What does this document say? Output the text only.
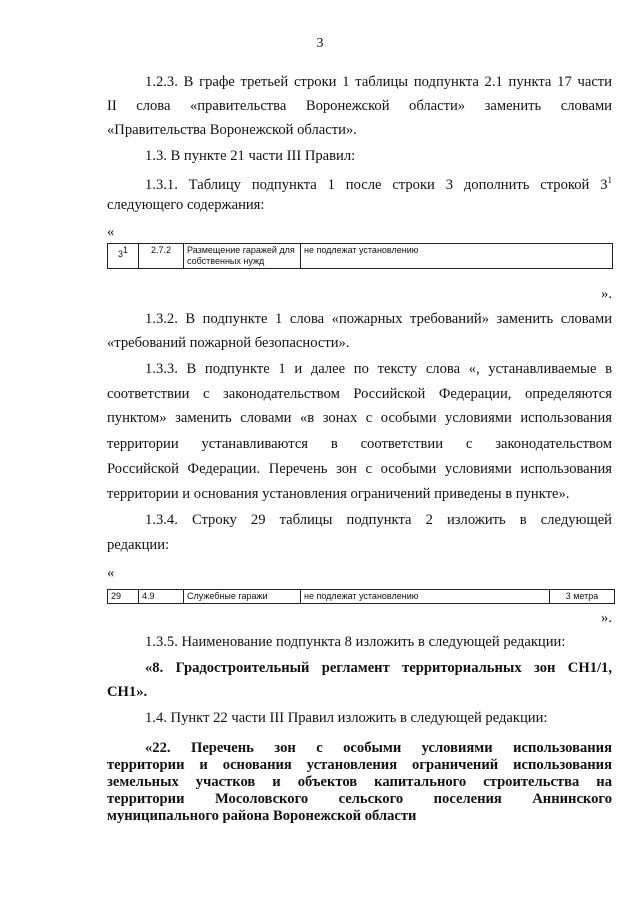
3
1.2.3. В графе третьей строки 1 таблицы подпункта 2.1 пункта 17 части
II слова «правительства Воронежской области» заменить словами
«Правительства Воронежской области».
1.3. В пункте 21 части III Правил:
1.3.1. Таблицу подпункта 1 после строки 3 дополнить строкой $3^1$
следующего содержания:
«
$3^1$	2.7.2	Размещение гаражей для собственных нужд	не подлежат установлению
».
1.3.2. В подпункте 1 слова «пожарных требований» заменить словами
«требований пожарной безопасности».
1.3.3. В подпункте 1 и далее по тексту слова «, устанавливаемые в
соответствии с законодательством Российской Федерации, определяются
пунктом» заменить словами «в зонах с особыми условиями использования
территории устанавливаются в соответствии с законодательством
Российской Федерации. Перечень зон с особыми условиями использования
территории и основания установления ограничений приведены в пункте».
1.3.4. Строку 29 таблицы подпункта 2 изложить в следующей
редакции:
«
29	4.9	Служебные гаражи	не подлежат установлению	3 метра
».
1.3.5. Наименование подпункта 8 изложить в следующей редакции:
«8. Градостроительный регламент территориальных зон СН1/1,
СН1».
1.4. Пункт 22 части III Правил изложить в следующей редакции:
«22. Перечень зон с особыми условиями использования
территории и основания установления ограничений использования
земельных участков и объектов капитального строительства на
территории Мосоловского сельского поселения Аннинского
муниципального района Воронежской области
